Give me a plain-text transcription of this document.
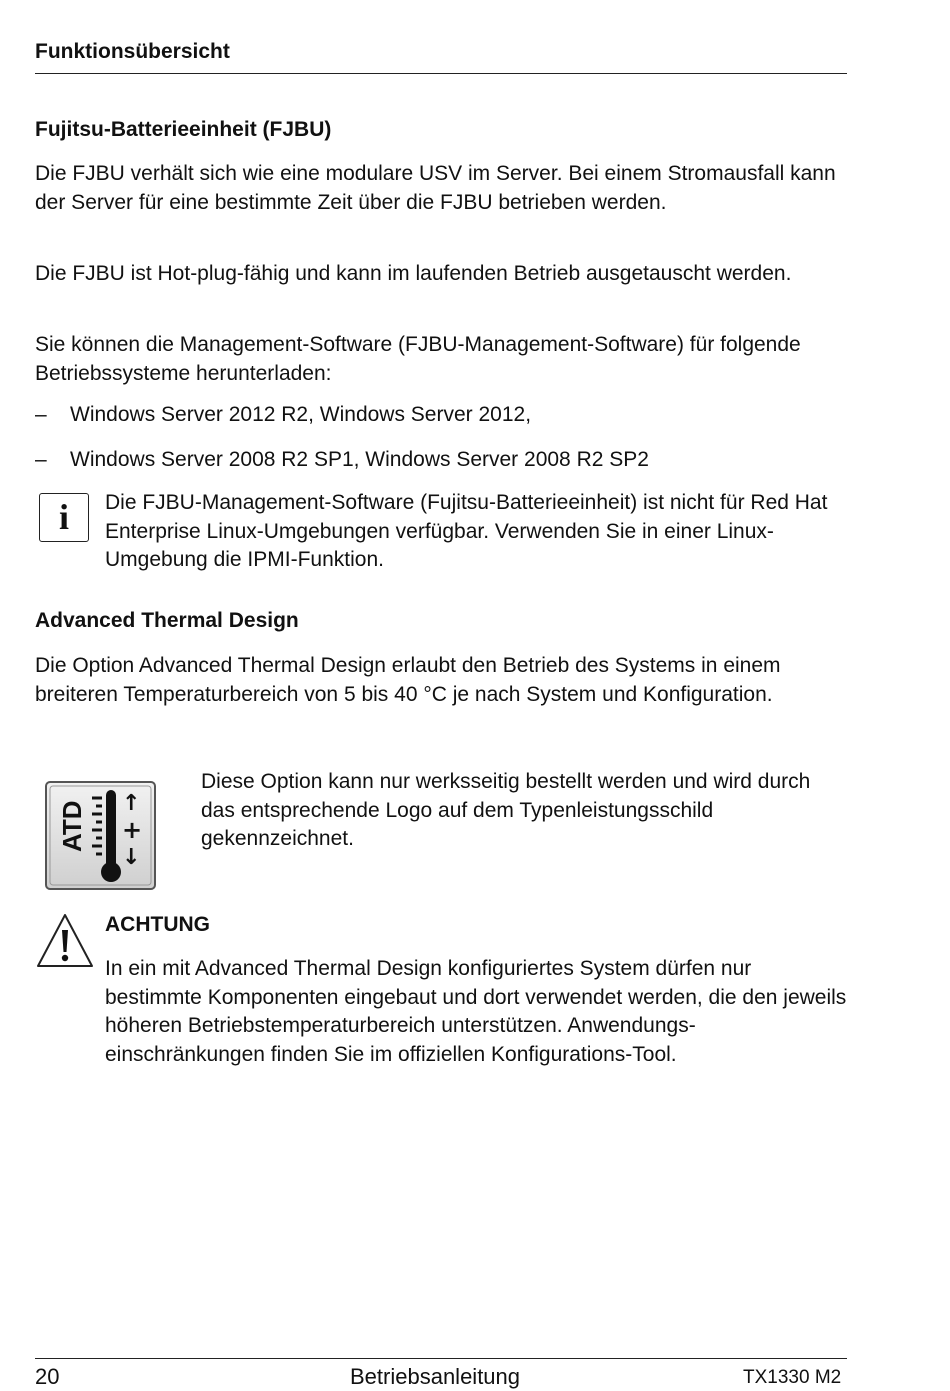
Funktionsübersicht
Fujitsu-Batterieeinheit (FJBU)
Die FJBU verhält sich wie eine modulare USV im Server. Bei einem Stromausfall kann der Server für eine bestimmte Zeit über die FJBU betrieben werden.
Die FJBU ist Hot-plug-fähig und kann im laufenden Betrieb ausgetauscht werden.
Sie können die Management-Software (FJBU-Management-Software) für folgende Betriebssysteme herunterladen:
– Windows Server 2012 R2, Windows Server 2012,
– Windows Server 2008 R2 SP1, Windows Server 2008 R2 SP2
i	Die FJBU-Management-Software (Fujitsu-Batterieeinheit) ist nicht für Red Hat Enterprise Linux-Umgebungen verfügbar. Verwenden Sie in einer Linux-Umgebung die IPMI-Funktion.
Advanced Thermal Design
Die Option Advanced Thermal Design erlaubt den Betrieb des Systems in einem breiteren Temperaturbereich von 5 bis 40 °C je nach System und Konfiguration.
ATD ↑
+
↓
Diese Option kann nur werksseitig bestellt werden und wird durch das entsprechende Logo auf dem Typenleistungsschild gekennzeichnet.
ACHTUNG
In ein mit Advanced Thermal Design konfiguriertes System dürfen nur bestimmte Komponenten eingebaut und dort verwendet werden, die den jeweils höheren Betriebstemperaturbereich unterstützen. Anwendungs-einschränkungen finden Sie im offiziellen Konfigurations-Tool.
20	Betriebsanleitung	TX1330 M2
